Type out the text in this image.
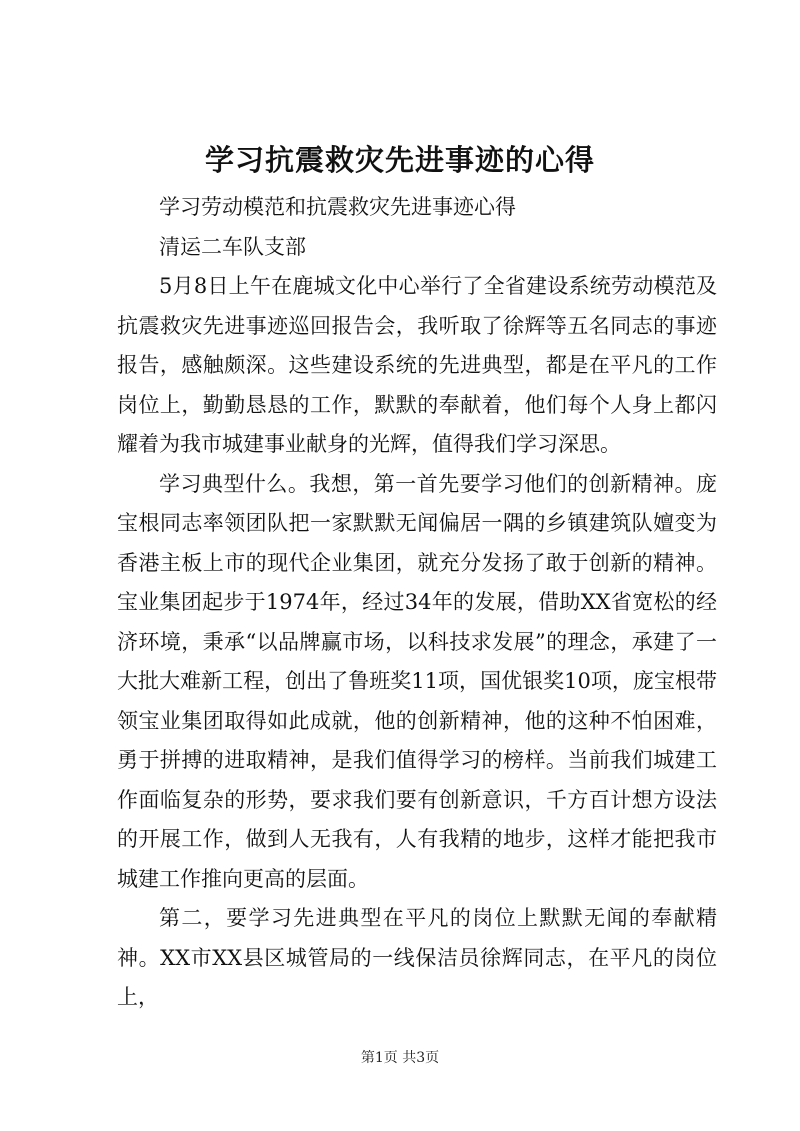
学习抗震救灾先进事迹的心得

学习劳动模范和抗震救灾先进事迹心得

清运二车队支部

5月8日上午在鹿城文化中心举行了全省建设系统劳动模范及抗震救灾先进事迹巡回报告会，我听取了徐辉等五名同志的事迹报告，感触颇深。这些建设系统的先进典型，都是在平凡的工作岗位上，勤勤恳恳的工作，默默的奉献着，他们每个人身上都闪耀着为我市城建事业献身的光辉，值得我们学习深思。

学习典型什么。我想，第一首先要学习他们的创新精神。庞宝根同志率领团队把一家默默无闻偏居一隅的乡镇建筑队嬗变为香港主板上市的现代企业集团，就充分发扬了敢于创新的精神。宝业集团起步于1974年，经过34年的发展，借助XX省宽松的经济环境，秉承“以品牌赢市场，以科技求发展”的理念，承建了一大批大难新工程，创出了鲁班奖11项，国优银奖10项，庞宝根带领宝业集团取得如此成就，他的创新精神，他的这种不怕困难，勇于拼搏的进取精神，是我们值得学习的榜样。当前我们城建工作面临复杂的形势，要求我们要有创新意识，千方百计想方设法的开展工作，做到人无我有，人有我精的地步，这样才能把我市城建工作推向更高的层面。

第二，要学习先进典型在平凡的岗位上默默无闻的奉献精神。XX市XX县区城管局的一线保洁员徐辉同志，在平凡的岗位上，

第1页 共3页
